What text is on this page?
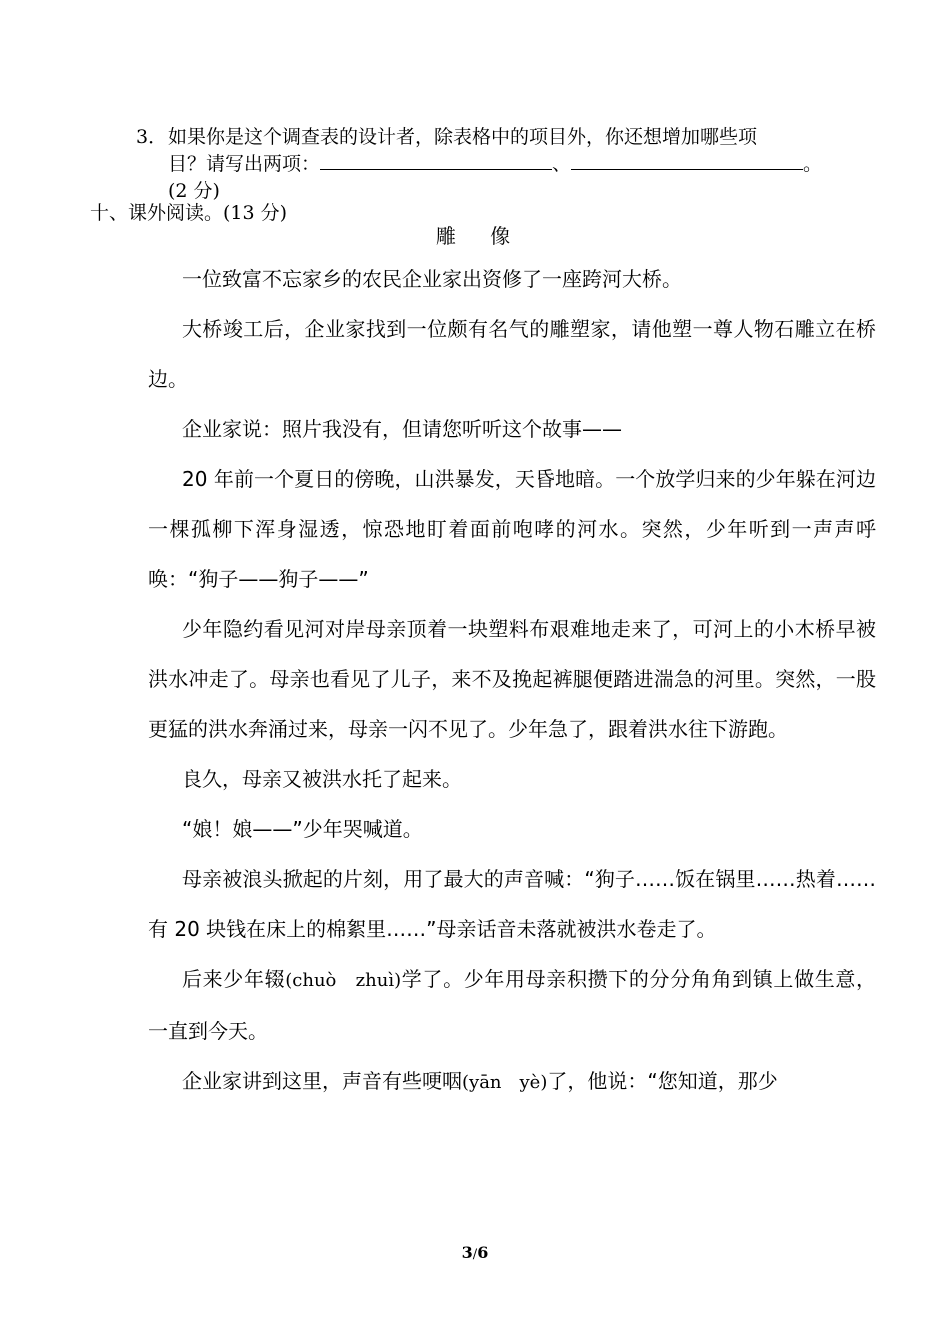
3．如果你是这个调查表的设计者，除表格中的项目外，你还想增加哪些项
目？请写出两项：	、	。
(2 分)
十、课外阅读。(13 分)
雕 像

一位致富不忘家乡的农民企业家出资修了一座跨河大桥。

大桥竣工后，企业家找到一位颇有名气的雕塑家，请他塑一尊人物石雕立在桥边。

企业家说：照片我没有，但请您听听这个故事——

20 年前一个夏日的傍晚，山洪暴发，天昏地暗。一个放学归来的少年躲在河边一棵孤柳下浑身湿透，惊恐地盯着面前咆哮的河水。突然，少年听到一声声呼唤：“狗子——狗子——”

少年隐约看见河对岸母亲顶着一块塑料布艰难地走来了，可河上的小木桥早被洪水冲走了。母亲也看见了儿子，来不及挽起裤腿便踏进湍急的河里。突然，一股更猛的洪水奔涌过来，母亲一闪不见了。少年急了，跟着洪水往下游跑。

良久，母亲又被洪水托了起来。

“娘！娘——”少年哭喊道。

母亲被浪头掀起的片刻，用了最大的声音喊：“狗子……饭在锅里……热着……有 20 块钱在床上的棉絮里……”母亲话音未落就被洪水卷走了。

后来少年辍(chuò　zhuì)学了。少年用母亲积攒下的分分角角到镇上做生意，一直到今天。

企业家讲到这里，声音有些哽咽(yān　yè)了，他说：“您知道，那少

3/6
